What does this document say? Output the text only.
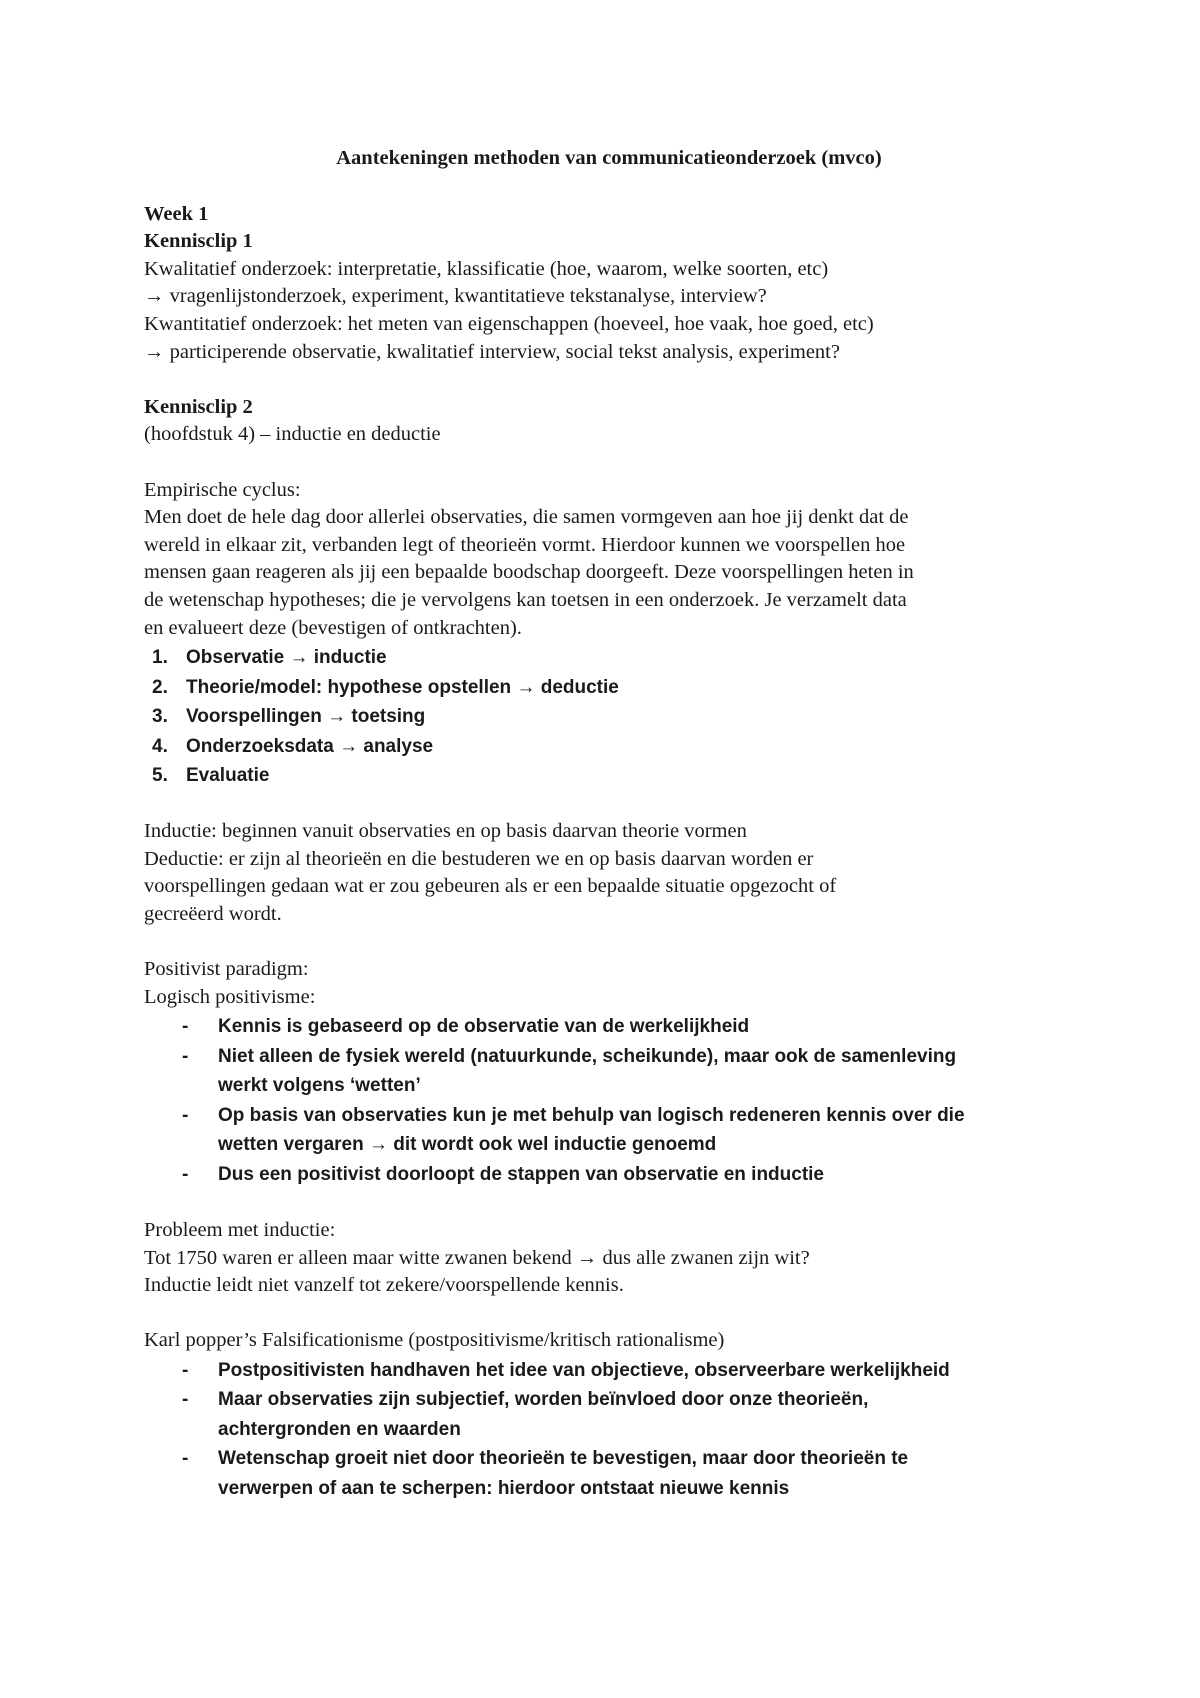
Aantekeningen methoden van communicatieonderzoek (mvco)

Week 1

Kennisclip 1

Kwalitatief onderzoek: interpretatie, klassificatie (hoe, waarom, welke soorten, etc)

→ vragenlijstonderzoek, experiment, kwantitatieve tekstanalyse, interview?

Kwantitatief onderzoek: het meten van eigenschappen (hoeveel, hoe vaak, hoe goed, etc)

→ participerende observatie, kwalitatief interview, social tekst analysis, experiment?

Kennisclip 2

(hoofdstuk 4) – inductie en deductie

Empirische cyclus:

Men doet de hele dag door allerlei observaties, die samen vormgeven aan hoe jij denkt dat de

wereld in elkaar zit, verbanden legt of theorieën vormt. Hierdoor kunnen we voorspellen hoe

mensen gaan reageren als jij een bepaalde boodschap doorgeeft. Deze voorspellingen heten in

de wetenschap hypotheses; die je vervolgens kan toetsen in een onderzoek. Je verzamelt data

en evalueert deze (bevestigen of ontkrachten).

1. Observatie → inductie
2. Theorie/model: hypothese opstellen → deductie
3. Voorspellingen → toetsing
4. Onderzoeksdata → analyse
5. Evaluatie

Inductie: beginnen vanuit observaties en op basis daarvan theorie vormen

Deductie: er zijn al theorieën en die bestuderen we en op basis daarvan worden er

voorspellingen gedaan wat er zou gebeuren als er een bepaalde situatie opgezocht of

gecreëerd wordt.

Positivist paradigm:

Logisch positivisme:

- Kennis is gebaseerd op de observatie van de werkelijkheid
- Niet alleen de fysiek wereld (natuurkunde, scheikunde), maar ook de samenleving
werkt volgens ‘wetten’
- Op basis van observaties kun je met behulp van logisch redeneren kennis over die
wetten vergaren → dit wordt ook wel inductie genoemd
- Dus een positivist doorloopt de stappen van observatie en inductie

Probleem met inductie:

Tot 1750 waren er alleen maar witte zwanen bekend → dus alle zwanen zijn wit?

Inductie leidt niet vanzelf tot zekere/voorspellende kennis.

Karl popper’s Falsificationisme (postpositivisme/kritisch rationalisme)

- Postpositivisten handhaven het idee van objectieve, observeerbare werkelijkheid
- Maar observaties zijn subjectief, worden beïnvloed door onze theorieën,
achtergronden en waarden
- Wetenschap groeit niet door theorieën te bevestigen, maar door theorieën te
verwerpen of aan te scherpen: hierdoor ontstaat nieuwe kennis
